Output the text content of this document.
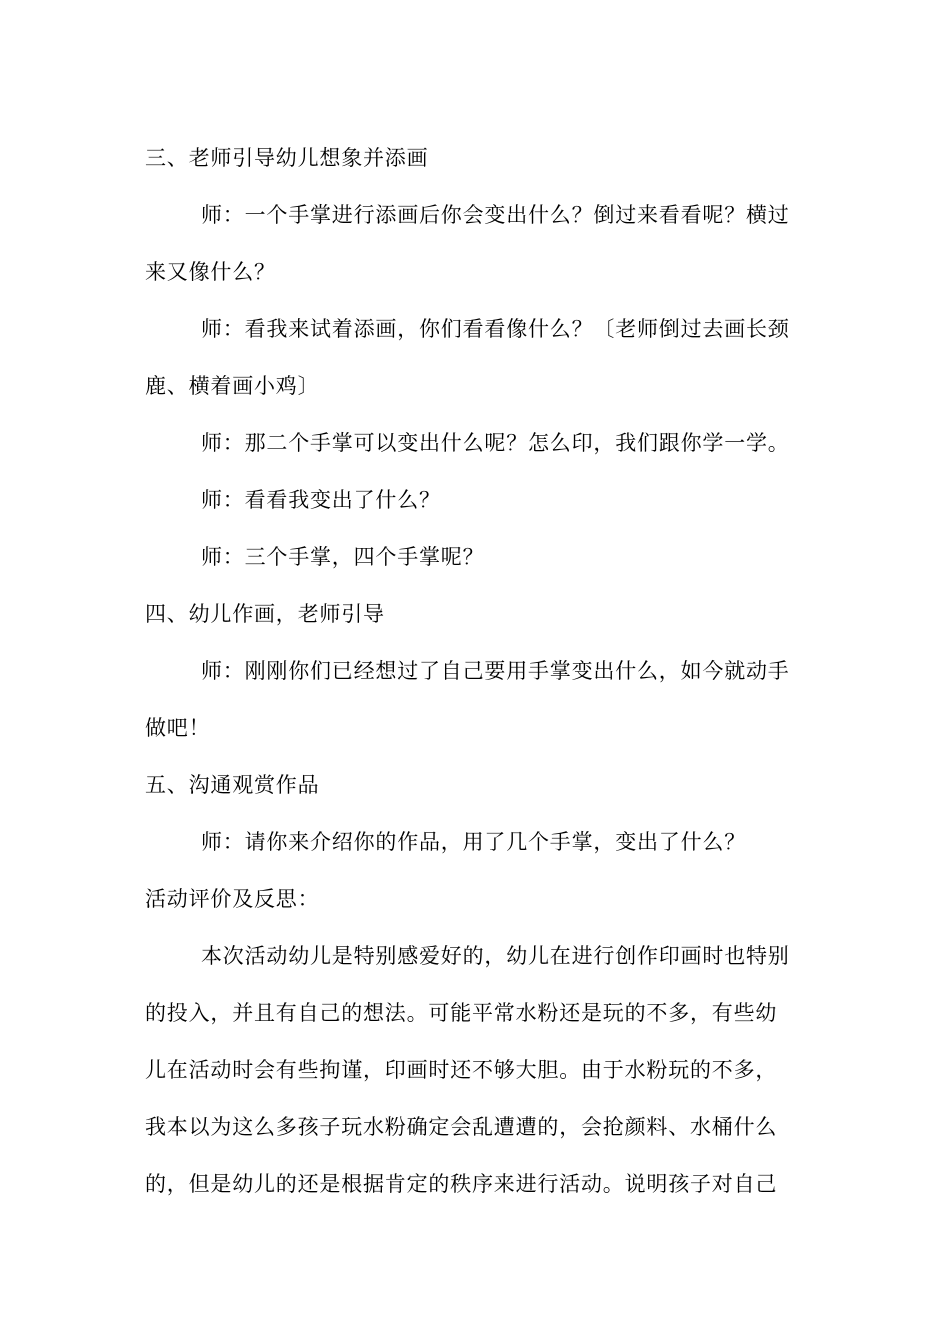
三、老师引导幼儿想象并添画
师：一个手掌进行添画后你会变出什么？倒过来看看呢？横过
来又像什么？
师：看我来试着添画，你们看看像什么？〔老师倒过去画长颈
鹿、横着画小鸡〕
师：那二个手掌可以变出什么呢？怎么印，我们跟你学一学。
师：看看我变出了什么？
师：三个手掌，四个手掌呢？
四、幼儿作画，老师引导
师：刚刚你们已经想过了自己要用手掌变出什么，如今就动手
做吧！
五、沟通观赏作品
师：请你来介绍你的作品，用了几个手掌，变出了什么？
活动评价及反思：
本次活动幼儿是特别感爱好的，幼儿在进行创作印画时也特别
的投入，并且有自己的想法。可能平常水粉还是玩的不多，有些幼
儿在活动时会有些拘谨，印画时还不够大胆。由于水粉玩的不多，
我本以为这么多孩子玩水粉确定会乱遭遭的，会抢颜料、水桶什么
的，但是幼儿的还是根据肯定的秩序来进行活动。说明孩子对自己
